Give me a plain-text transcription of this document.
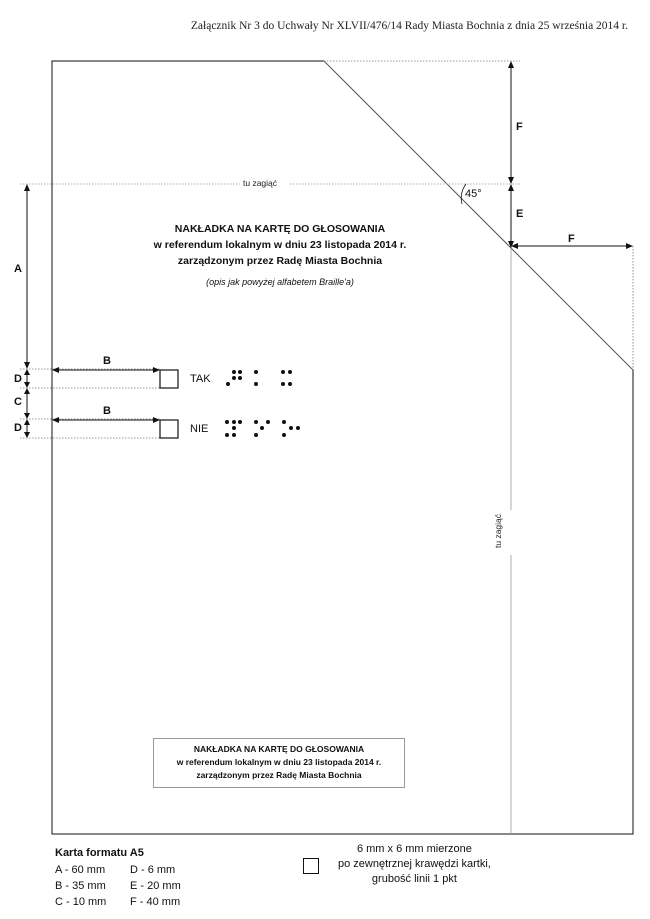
Załącznik Nr 3 do Uchwały Nr XLVII/476/14 Rady Miasta Bochnia z dnia 25 września 2014 r.
F
E
F
A
D
C
D
B
B
tu zagiąć
tu zagiąć
45°
TAK
NIE
NAKŁADKA NA KARTĘ DO GŁOSOWANIA
w referendum lokalnym w dniu 23 listopada 2014 r.
zarządzonym przez Radę Miasta Bochnia
(opis jak powyżej alfabetem Braille'a)
NAKŁADKA NA KARTĘ DO GŁOSOWANIA
w referendum lokalnym w dniu 23 listopada 2014 r.
zarządzonym przez Radę Miasta Bochnia
Karta formatu A5
A - 60 mm	D - 6 mm
B - 35 mm	E - 20 mm
C - 10 mm	F - 40 mm
6 mm x 6 mm mierzone
po zewnętrznej krawędzi kartki,
grubość linii 1 pkt
